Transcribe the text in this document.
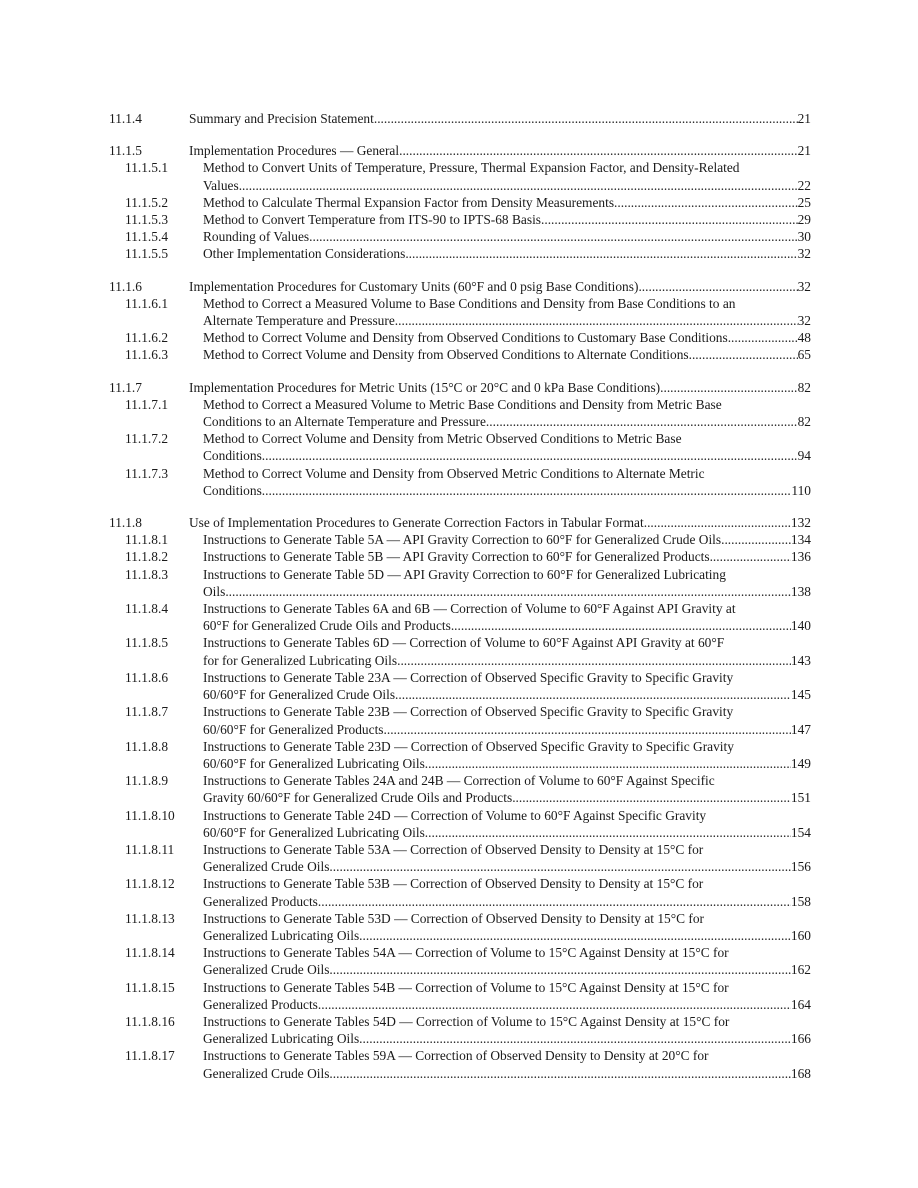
11.1.4	Summary and Precision Statement .....	21
11.1.5	Implementation Procedures — General .....	21
11.1.5.1	Method to Convert Units of Temperature, Pressure, Thermal Expansion Factor, and Density-Related
Values .....	22
11.1.5.2	Method to Calculate Thermal Expansion Factor from Density Measurements .....	25
11.1.5.3	Method to Convert Temperature from ITS-90 to IPTS-68 Basis .....	29
11.1.5.4	Rounding of Values .....	30
11.1.5.5	Other Implementation Considerations .....	32
11.1.6	Implementation Procedures for Customary Units (60°F and 0 psig Base Conditions) .....	32
11.1.6.1	Method to Correct a Measured Volume to Base Conditions and Density from Base Conditions to an
Alternate Temperature and Pressure .....	32
11.1.6.2	Method to Correct Volume and Density from Observed Conditions to Customary Base Conditions .....	48
11.1.6.3	Method to Correct Volume and Density from Observed Conditions to Alternate Conditions .....	65
11.1.7	Implementation Procedures for Metric Units (15°C or 20°C and 0 kPa Base Conditions) .....	82
11.1.7.1	Method to Correct a Measured Volume to Metric Base Conditions and Density from Metric Base
Conditions to an Alternate Temperature and Pressure .....	82
11.1.7.2	Method to Correct Volume and Density from Metric Observed Conditions to Metric Base
Conditions .....	94
11.1.7.3	Method to Correct Volume and Density from Observed Metric Conditions to Alternate Metric
Conditions .....	110
11.1.8	Use of Implementation Procedures to Generate Correction Factors in Tabular Format .....	132
11.1.8.1	Instructions to Generate Table 5A — API Gravity Correction to 60°F for Generalized Crude Oils .....	134
11.1.8.2	Instructions to Generate Table 5B — API Gravity Correction to 60°F for Generalized Products .....	136
11.1.8.3	Instructions to Generate Table 5D — API Gravity Correction to 60°F for Generalized Lubricating
Oils .....	138
11.1.8.4	Instructions to Generate Tables 6A and 6B — Correction of Volume to 60°F Against API Gravity at
60°F for Generalized Crude Oils and Products .....	140
11.1.8.5	Instructions to Generate Tables 6D — Correction of Volume to 60°F Against API Gravity at 60°F
for for Generalized Lubricating Oils .....	143
11.1.8.6	Instructions to Generate Table 23A — Correction of Observed Specific Gravity to Specific Gravity
60/60°F for Generalized Crude Oils .....	145
11.1.8.7	Instructions to Generate Table 23B — Correction of Observed Specific Gravity to Specific Gravity
60/60°F for Generalized Products .....	147
11.1.8.8	Instructions to Generate Table 23D — Correction of Observed Specific Gravity to Specific Gravity
60/60°F for Generalized Lubricating Oils .....	149
11.1.8.9	Instructions to Generate Tables 24A and 24B — Correction of Volume to 60°F Against Specific
Gravity 60/60°F for Generalized Crude Oils and Products .....	151
11.1.8.10	Instructions to Generate Table 24D — Correction of Volume to 60°F Against Specific Gravity
60/60°F for Generalized Lubricating Oils .....	154
11.1.8.11	Instructions to Generate Table 53A — Correction of Observed Density to Density at 15°C for
Generalized Crude Oils .....	156
11.1.8.12	Instructions to Generate Table 53B — Correction of Observed Density to Density at 15°C for
Generalized Products .....	158
11.1.8.13	Instructions to Generate Table 53D — Correction of Observed Density to Density at 15°C for
Generalized Lubricating Oils .....	160
11.1.8.14	Instructions to Generate Tables 54A — Correction of Volume to 15°C Against Density at 15°C for
Generalized Crude Oils .....	162
11.1.8.15	Instructions to Generate Tables 54B — Correction of Volume to 15°C Against Density at 15°C for
Generalized Products .....	164
11.1.8.16	Instructions to Generate Tables 54D — Correction of Volume to 15°C Against Density at 15°C for
Generalized Lubricating Oils .....	166
11.1.8.17	Instructions to Generate Tables 59A — Correction of Observed Density to Density at 20°C for
Generalized Crude Oils .....	168
